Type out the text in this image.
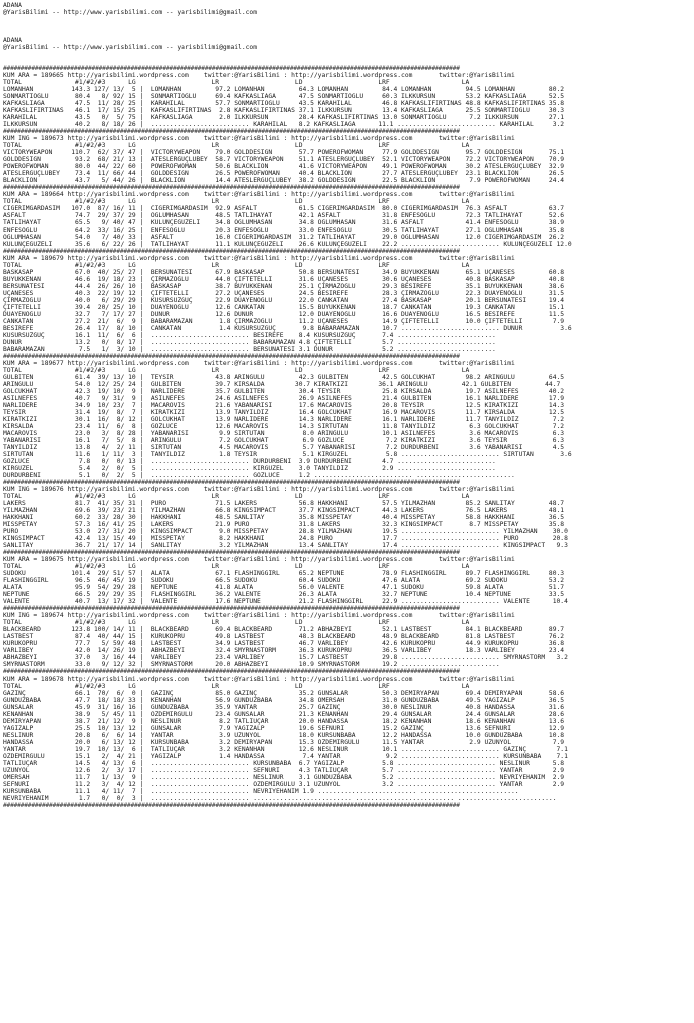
ADANA
@YarisBilimi -- http://www.yarisbilimi.com -- yarisbilimi@gmail.com
ADANA
@YarisBilimi -- http://www.yarisbilimi.com -- yarisbilimi@gmail.com
#################################################################################################################################
KUM ARA = 189665 http://yarisbilimi.wordpress.com    twitter:@YarisBilimi : http://yarisbilimi.wordpress.com       twitter:@YarisBilimi
TOTAL              #1/#2/#3      LG                    LR                    LD                    LRF                   LA
LOMANHAN          143.3 127/ 13/  5 |  LOMANHAN         97.2 LOMANHAN         64.3 LOMANHAN         84.4 LOMANHAN         94.5 LOMANHAN         80.2
SONMARTIOGLU       80.4   8/ 92/ 15 |  SONMARTIOGLU     69.4 KAFKASLIAGA      47.5 SONMARTIOGLU     60.3 ILKKURSUN        53.2 KAFKASLIAGA      52.5
KAFKASLIAGA        47.5  11/ 28/ 25 |  KARAHILAL        57.7 SONMARTIOGLU     43.5 KARAHILAL        46.8 KAFKASLIFIRTINAS 48.8 KAFKASLIFIRTINAS 35.8
KAFKASLIFIRTINAS   46.1  17/ 15/ 25 |  KAFKASLIFIRTINAS  2.8 KAFKASLIFIRTINAS 37.1 ILKKURSUN        13.4 KAFKASLIAGA      25.5 SONMARTIOGLU     30.3
KARAHILAL          43.5   0/  5/ 75 |  KAFKASLIAGA       2.0 ILKKURSUN        28.4 KAFKASLIFIRTINAS 13.0 SONMARTIOGLU      7.2 ILKKURSUN        27.1
ILKKURSUN          40.2   8/ 18/ 26 |  .......................... KARAHILAL   8.2 KAFKASLIAGA      11.1 .......................... KARAHILAL     3.2
#################################################################################################################################
KUM ING = 189673 http://yarisbilimi.wordpress.com    twitter:@YarisBilimi : http://yarisbilimi.wordpress.com       twitter:@YarisBilimi
TOTAL              #1/#2/#3      LG                    LR                    LD                    LRF                   LA
VICTORYWEAPON     110.7  62/ 37/ 47 |  VICTORYWEAPON    79.0 GOLDDESIGN       57.7 POWEROFWOMAN     77.9 GOLDDESIGN       95.7 GOLDDESIGN       75.1
GOLDDESIGN         93.2  68/ 21/ 13 |  ATESLERGÜÇLÜBEY  58.7 VICTORYWEAPON    51.1 ATESLERGÜÇLÜBEY  52.1 VICTORYWEAPON    72.2 VICTORYWEAPON    70.9
POWEROFWOMAN       80.0  44/ 22/ 60 |  POWEROFWOMAN     50.6 BLACKLION        41.6 VICTORYWEAPON    49.1 POWEROFWOMAN     30.2 ATESLERGÜÇLÜBEY  32.9
ATESLERGÜÇLÜBEY    73.4  11/ 66/ 44 |  GOLDDESIGN       26.5 POWEROFWOMAN     40.4 BLACKLION        27.7 ATESLERGÜÇLÜBEY  23.1 BLACKLION        26.5
BLACKLION          43.7   5/ 44/ 26 |  BLACKLION        14.4 ATESLERGÜÇLÜBEY  38.2 GOLDDESIGN       22.5 BLACKLION         7.9 POWEROFWOMAN     24.4
#################################################################################################################################
KUM ARA = 189664 http://yarisbilimi.wordpress.com    twitter:@YarisBilimi : http://yarisbilimi.wordpress.com       twitter:@YarisBilimi
TOTAL              #1/#2/#3      LG                    LR                    LD                    LRF                   LA
CIGERIMGARDASIM   107.0  87/ 16/ 11 |  CIGERIMGARDASIM  92.9 ASFALT           61.5 CIGERIMGARDASIM  80.0 CIGERIMGARDASIM  76.3 ASFALT           63.7
ASFALT             74.7  29/ 37/ 29 |  OGLUMHASAN       48.5 TATLIHAYAT       42.1 ASFALT           31.8 ENFESOGLU        72.3 TATLIHAYAT       52.6
TATLIHAYAT         65.5   9/ 40/ 47 |  KÜLÜNÇEGÜZELI    34.8 OGLUMHASAN       34.8 OGLUMHASAN       31.6 ASFALT           41.4 ENFESOGLU        38.9
ENFESOGLU          64.2  33/ 16/ 25 |  ENFESOGLU        20.3 ENFESOGLU        33.0 ENFESOGLU        30.5 TATLIHAYAT       27.1 OGLUMHASAN       35.8
OGLUMHASAN         54.0   7/ 40/ 33 |  ASFALT           16.0 CIGERIMGARDASIM  31.2 TATLIHAYAT       29.0 OGLUMHASAN       12.0 CIGERIMGARDASIM  26.2
KÜLÜNÇEGÜZELI      35.6   6/ 22/ 26 |  TATLIHAYAT       11.1 KÜLÜNÇEGÜZELI    26.6 KÜLÜNÇEGÜZELI    22.2 .......................... KÜLÜNÇEGÜZELI 12.0
#################################################################################################################################
KUM ARA = 189679 http://yarisbilimi.wordpress.com    twitter:@YarisBilimi : http://yarisbilimi.wordpress.com       twitter:@YarisBilimi
TOTAL              #1/#2/#3      LG                    LR                    LD                    LRF                   LA
BASKASAP           67.0  40/ 25/ 27 |  BERSUNATESI      67.9 BASKASAP         50.8 BERSUNATESI      34.9 BÜYÜKKENAN       65.1 UÇANESES         60.8
BÜYÜKKENAN         46.6  19/ 18/ 23 |  ÇIRMAZOGLU       44.0 ÇIFTETELLI       31.6 UÇANESES         30.6 UÇANESES         40.8 BASKASAP         40.8
BERSUNATESI        44.4  26/ 26/ 10 |  BASKASAP         38.7 BÜYÜKKENAN       25.1 ÇIRMAZOGLU       29.3 BESIREFE         35.1 BÜYÜKKENAN       38.6
UÇANESES           40.3  22/ 19/ 12 |  ÇIFTETELLI       27.2 UÇANESES         24.5 BESIREFE         28.3 ÇIRMAZOGLU       22.3 DUAYENOGLU       31.5
ÇIRMAZOGLU         40.0   6/ 29/ 29 |  KUSURSUZGÜÇ      22.9 DUAYENOGLU       22.0 CANKATAN         27.4 BASKASAP         20.1 BERSUNATESI      19.4
ÇIFTETELLI         39.4  20/ 25/ 10 |  DUAYENOGLU       12.6 CANKATAN         15.5 BÜYÜKKENAN       18.7 CANKATAN         19.3 CANKATAN         15.1
DUAYENOGLU         32.7   7/ 17/ 27 |  DÜNÜR            12.6 DÜNÜR            12.0 DUAYENOGLU       16.6 DUAYENOGLU       16.5 BESIREFE         11.5
CANKATAN           27.2  21/  6/  9 |  BABARAMAZAN       1.8 ÇIRMAZOGLU       11.2 UÇANESES         14.9 ÇIFTETELLI       10.0 ÇIFTETELLI        7.9
BESIREFE           26.4  17/  8/ 10 |  CANKATAN          1.4 KUSURSUZGÜÇ       9.8 BABARAMAZAN      10.7 .......................... DÜNÜR          3.6
KUSURSUZGÜÇ        16.1  11/  6/  6 |  .......................... BESIREFE    8.4 KUSURSUZGÜÇ       7.4 ..........................
DÜNÜR              13.2   0/  8/ 17 |  .......................... BABARAMAZAN 4.8 ÇIFTETELLI        5.7 ..........................
BABARAMAZAN         7.5   1/  3/ 10 |  .......................... BERSUNATESI 3.1 DÜNÜR             5.2 ..........................
#################################################################################################################################
KUM ARA = 189677 http://yarisbilimi.wordpress.com    twitter:@YarisBilimi : http://yarisbilimi.wordpress.com       twitter:@YarisBilimi
TOTAL              #1/#2/#3      LG                    LR                    LD                    LRF                   LA
GÜLBITEN           61.4  39/ 13/ 10 |  TEYSIR           43.8 ARINGÜLÜ         42.3 GÜLBITEN         42.5 GÖLCÜKHAT        98.2 ARINGÜLÜ         64.5
ARINGÜLÜ           54.0  12/ 25/ 24 |  GÜLBITEN         39.7 KIRSALDA        30.7 KIRATKIZI        36.1 ARINGÜLÜ         42.1 GÜLBITEN         44.7
GÖLCÜKHAT          42.3  19/ 10/  9 |  NARLIDERE        35.7 GÜLBITEN         30.4 TEYSIR           25.8 KIRSALDA         19.7 ASILNEFES        40.2
ASILNEFES          40.7   9/ 31/  9 |  ASILNEFES        24.6 ASILNEFES        26.9 ASILNEFES        21.4 GÜLBITEN         16.1 NARLIDERE        17.9
NARLIDERE          34.9  10/ 23/  7 |  MACAROVIS        21.6 YABANARISI       17.6 MACAROVIS        20.8 TEYSIR           12.5 KIRATKIZI        14.3
TEYSIR             31.4  19/  8/  7 |  KIRATKIZI        13.9 TANYILDIZ        16.4 GÖLCÜKHAT        16.9 MACAROVIS        11.7 KIRSALDA         12.5
KIRATKIZI          30.1  16/  8/ 12 |  GÖLCÜKHAT        13.9 NARLIDERE        14.3 NARLIDERE        16.1 NARLIDERE        11.7 TANYILDIZ         7.2
KIRSALDA           23.4  11/  6/  8 |  GÖZLÜCE          12.6 MACAROVIS        14.3 SIRTUTAN         11.8 TANYILDIZ         6.3 GÖLCÜKHAT         7.2
MACAROVIS          23.0   3/  8/ 28 |  YABANARISI        9.9 SIRTUTAN          8.0 ARINGÜLÜ         10.1 ASILNEFES         3.6 MACAROVIS         6.3
YABANARISI         16.1   7/  5/  8 |  ARINGÜLÜ          7.2 GÖLCÜKHAT         6.9 GÖZLÜCE           7.2 KIRATKIZI         3.6 TEYSIR            6.3
TANYILDIZ          13.8   4/  2/ 11 |  SIRTUTAN          4.5 MACAROVIS         5.7 YABANARISI        7.2 DURDURBENI        3.6 YABANARISI        4.5
SIRTUTAN           11.6   1/ 11/  3 |  TANYILDIZ         1.8 TEYSIR            5.1 KIRGÜZEL          5.8 .......................... SIRTUTAN       3.6
GÖZLÜCE             7.8   0/  0/ 13 |  .......................... DURDURBENI  3.9 DURDURBENI        4.7 ..........................
KIRGÜZEL            5.4   2/  0/  5 |  .......................... KIRGÜZEL    3.0 TANYILDIZ         2.9 ..........................
DURDURBENI          5.1   0/  2/  5 |  .......................... GÖZLÜCE     1.2 .......................... ..........................
#################################################################################################################################
KUM ING = 189676 http://yarisbilimi.wordpress.com    twitter:@YarisBilimi : http://yarisbilimi.wordpress.com       twitter:@YarisBilimi
TOTAL              #1/#2/#3      LG                    LR                    LD                    LRF                   LA
LAKERS             81.7  41/ 35/ 31 |  PURO             71.5 LAKERS           56.8 HAKKHANI         57.5 YILMAZHAN        85.2 SANLITAY         48.7
YILMAZHAN          69.6  39/ 23/ 21 |  YILMAZHAN        66.8 KINGSIMPACT      37.7 KINGSIMPACT      44.3 LAKERS           76.5 LAKERS           48.1
HAKKHANI           60.2  33/ 28/ 30 |  HAKKHANI         48.5 SANLITAY         35.8 MISSPETAY        40.4 MISSPETAY        58.8 HAKKHANI         36.5
MISSPETAY          57.3  16/ 41/ 25 |  LAKERS           21.9 PURO             31.8 LAKERS           32.3 KINGSIMPACT       8.7 MISSPETAY        35.8
PURO               53.0  27/ 31/ 20 |  KINGSIMPACT       9.0 MISSPETAY        28.8 YILMAZHAN        19.5 .......................... YILMAZHAN    30.0
KINGSIMPACT        42.4  13/ 15/ 49 |  MISSPETAY         8.2 HAKKHANI         24.8 PURO             17.7 .......................... PURO         20.8
SANLITAY           36.7  21/ 17/ 14 |  SANLITAY          3.2 YILMAZHAN        13.4 SANLITAY         17.4 .......................... KINGSIMPACT   9.3
#################################################################################################################################
KUM ARA = 189675 http://yarisbilimi.wordpress.com    twitter:@YarisBilimi : http://yarisbilimi.wordpress.com       twitter:@YarisBilimi
TOTAL              #1/#2/#3      LG                    LR                    LD                    LRF                   LA
SUDOKU            101.4  29/ 51/ 57 |  ALATA            67.1 FLASHINGGIRL     65.2 NEPTUNE          78.9 FLASHINGGIRL     89.7 FLASHINGGIRL     80.3
FLASHINGGIRL       96.5  46/ 45/ 19 |  SUDOKU           66.5 SUDOKU           60.4 SUDOKU           47.6 ALATA            69.2 SUDOKU           53.2
ALATA              95.9  54/ 29/ 28 |  NEPTUNE          41.8 ALATA            56.0 VALENTE          47.1 SUDOKU           59.8 ALATA            51.7
NEPTUNE            66.5  29/ 29/ 35 |  FLASHINGGIRL     36.2 VALENTE          26.3 ALATA            32.7 NEPTUNE          10.4 NEPTUNE          33.5
VALENTE            40.7  13/ 17/ 32 |  VALENTE          17.6 NEPTUNE          21.2 FLASHINGGIRL     22.9 .......................... VALENTE      10.4
#################################################################################################################################
KUM ING = 189674 http://yarisbilimi.wordpress.com    twitter:@YarisBilimi : http://yarisbilimi.wordpress.com       twitter:@YarisBilimi
TOTAL              #1/#2/#3      LG                    LR                    LD                    LRF                   LA
BLACKBEARD        123.8 100/ 14/ 11 |  BLACKBEARD       69.4 BLACKBEARD       71.2 ABHAZBEYI        52.1 LASTBEST         84.1 BLACKBEARD       89.7
LASTBEST           87.4  40/ 44/ 15 |  KURUKÖPRÜ        49.8 LASTBEST         48.3 BLACKBEARD       48.9 BLACKBEARD       81.8 LASTBEST         76.2
KURUKÖPRÜ          77.7   5/ 59/ 48 |  LASTBEST         34.9 LASTBEST         46.7 VARLIBEY         42.6 KURUKÖPRÜ        44.9 KURUKÖPRÜ        36.8
VARLIBEY           42.0  14/ 26/ 19 |  ABHAZBEYI        32.4 SMYRNASTORM      36.3 KURUKÖPRÜ        36.5 VARLIBEY         18.3 VARLIBEY         23.4
ABHAZBEYI          37.0   3/ 16/ 44 |  VARLIBEY         23.4 VARLIBEY         15.7 LASTBEST         29.8 .......................... SMYRNASTORM   3.2
SMYRNASTORM        33.0   9/ 12/ 32 |  SMYRNASTORM      20.0 ABHAZBEYI        10.9 SMYRNASTORM      19.2 ..........................
#################################################################################################################################
KUM ARA = 189678 http://yarisbilimi.wordpress.com    twitter:@YarisBilimi : http://yarisbilimi.wordpress.com       twitter:@YarisBilimi
TOTAL              #1/#2/#3      LG                    LR                    LD                    LRF                   LA
GAZINÇ             66.1  70/  6/  0 |  GAZINÇ           85.0 GAZINÇ           35.2 GÜNSALAR         50.3 DEMIRYAPAN       69.4 DEMIRYAPAN       58.6
GÜNDÜZBABA         47.7  18/ 18/ 33 |  KENANHAN         56.9 GÜNDÜZBABA       34.8 ÖMERSAH          31.0 GÜNDÜZBABA       49.5 YAGIZALP         36.5
GÜNSALAR           45.9  31/ 16/ 16 |  GÜNDÜZBABA       35.9 YANTAR           25.7 GAZINÇ           30.0 NESLINUR         40.8 HANDASSA         31.6
KENANHAN           38.9   5/ 45/ 11 |  ÖZDEMIRGÜLÜ      23.4 GÜNSALAR         21.3 KENANHAN         29.4 GÜNSALAR         24.4 GÜNSALAR         28.6
DEMIRYAPAN         38.7  21/ 12/  9 |  NESLINUR          8.2 TATLIUÇAR        20.0 HANDASSA         18.2 KENANHAN         18.6 KENANHAN         13.6
YAGIZALP           25.5  10/ 13/ 12 |  GÜNSALAR          7.9 YAGIZALP         19.6 SEFNURI          15.2 GAZINÇ           13.6 SEFNURI          12.9
NESLINUR           20.8   6/  6/ 14 |  YANTAR            3.9 UZUNYOL          18.0 KURSUNBABA       12.2 HANDASSA         10.0 GÜNDÜZBABA       10.8
HANDASSA           20.0   6/ 13/ 12 |  KURSUNBABA        3.2 DEMIRYAPAN       15.3 ÖZDEMIRGÜLÜ      11.5 YANTAR            2.9 UZUNYOL           7.9
YANTAR             19.7  10/ 13/  6 |  TATLIUÇAR         3.2 KENANHAN         12.6 NESLINUR         10.1 .......................... GAZINÇ        7.1
ÖZDEMIRGÜLÜ        15.1   2/  4/ 21 |  YAGIZALP          1.4 HANDASSA          7.4 YANTAR            9.2 .......................... KURSUNBABA    7.1
TATLIUÇAR          14.5   4/ 13/  6 |  .......................... KURSUNBABA  6.7 YAGIZALP          5.8 .......................... NESLINUR      5.8
UZUNYOL            12.6   2/  3/ 17 |  .......................... SEFNURI     4.3 TATLIUÇAR         5.7 .......................... YANTAR        2.9
ÖMERSAH            11.7   1/ 13/  9 |  .......................... NESLINUR    3.1 GÜNDÜZBABA        5.2 .......................... NEVRIYEHANIM  2.9
SEFNURI            11.2   3/  4/ 12 |  .......................... ÖZDEMIRGÜLÜ 3.1 UZUNYOL           3.2 .......................... YANTAR        2.9
KURSUNBABA         11.1   4/ 11/  7 |  .......................... NEVRIYEHANIM 1.9 .......................... ..........................
NEVRIYEHANIM        1.7   0/  0/  3 |  .......................... .......................... .......................... ..........................
#################################################################################################################################
